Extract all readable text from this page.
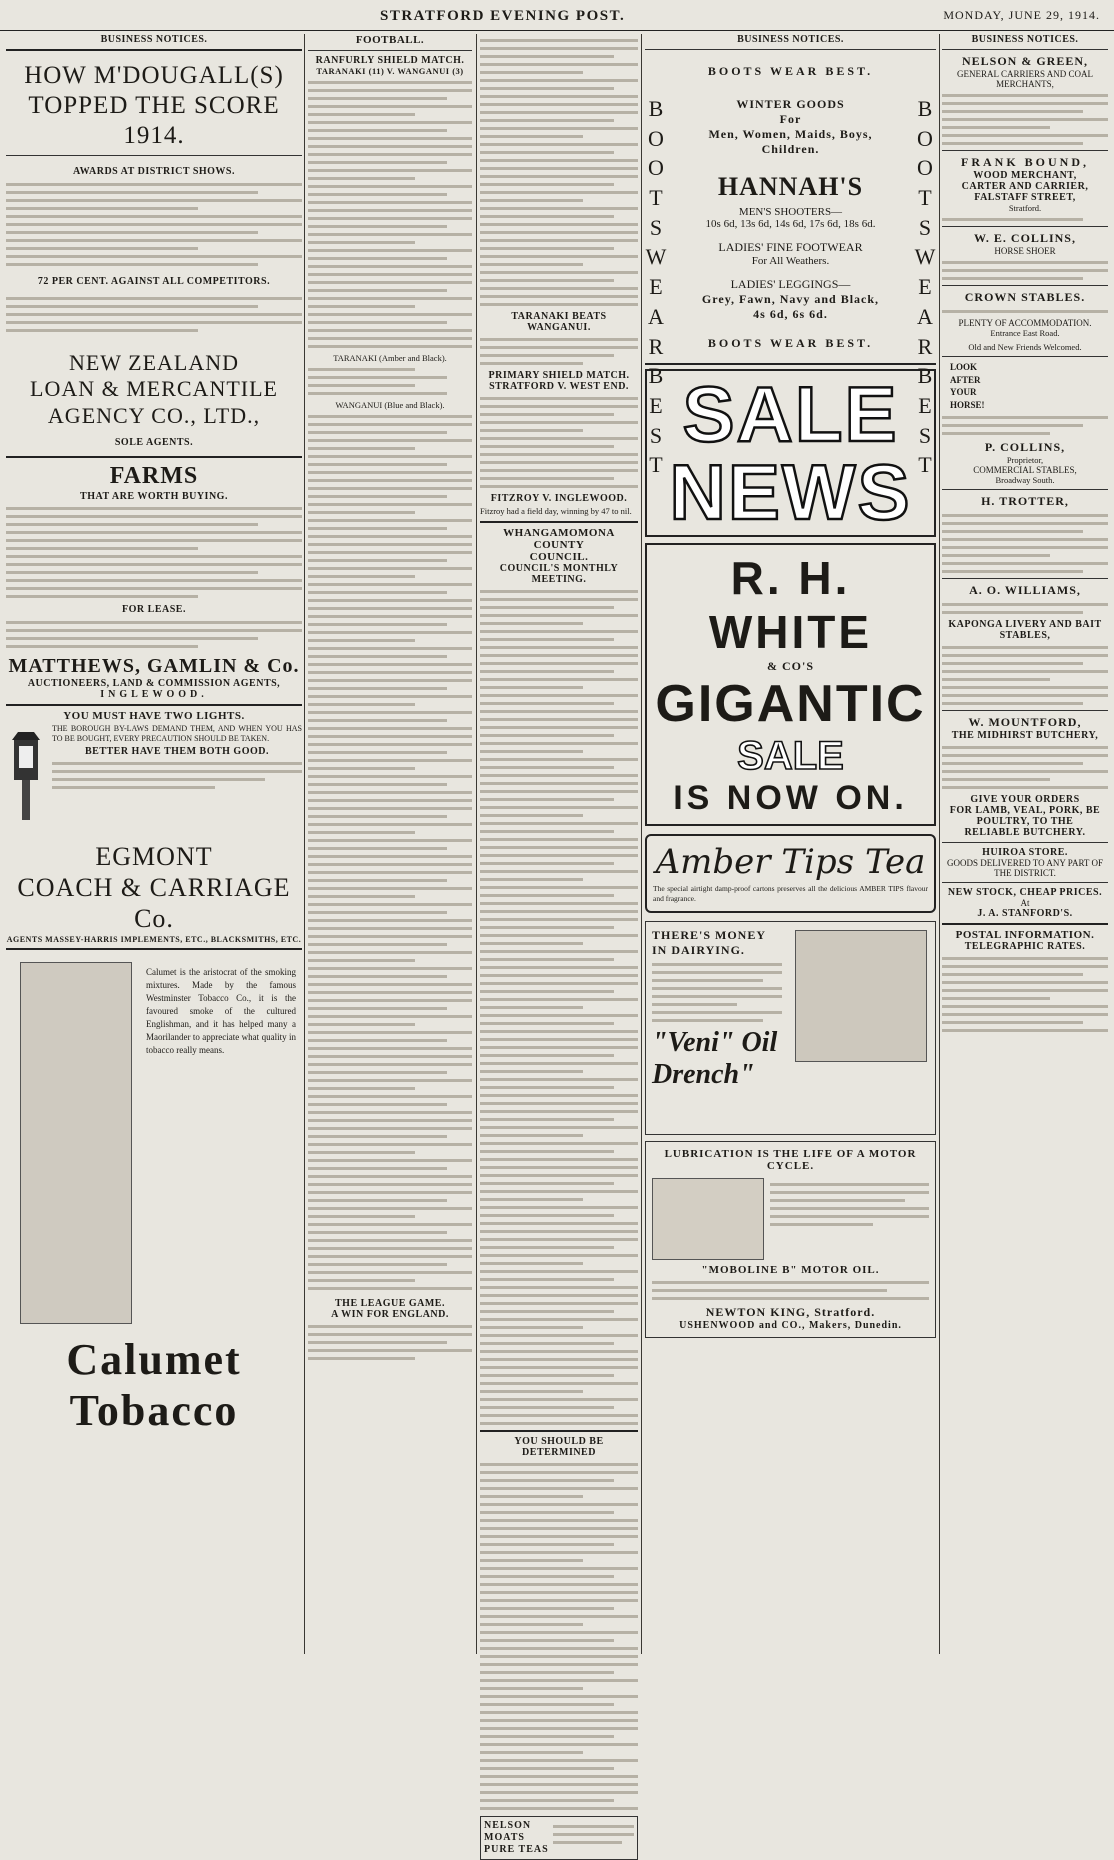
STRATFORD EVENING POST.	MONDAY, JUNE 29, 1914.
BUSINESS NOTICES.
HOW M'DOUGALL(S)
TOPPED THE SCORE 1914.
AWARDS AT DISTRICT SHOWS.
72 PER CENT. AGAINST ALL COMPETITORS.
NEW ZEALAND
LOAN & MERCANTILE
AGENCY CO., LTD.,
SOLE AGENTS.
FARMS
THAT ARE WORTH BUYING.
FOR LEASE.
MATTHEWS, GAMLIN & Co.
AUCTIONEERS, LAND & COMMISSION AGENTS,
INGLEWOOD.
YOU MUST HAVE TWO LIGHTS.

THE BOROUGH BY-LAWS DEMAND THEM, AND WHEN YOU HAS TO BE BOUGHT, EVERY PRECAUTION SHOULD BE TAKEN.

BETTER HAVE THEM BOTH GOOD.
EGMONT
COACH & CARRIAGE Co.
AGENTS MASSEY-HARRIS IMPLEMENTS, ETC., BLACKSMITHS, ETC.

Calumet is the aristocrat of the smoking mixtures. Made by the famous Westminster Tobacco Co., it is the favoured smoke of the cultured Englishman, and it has helped many a Maorilander to appreciate what quality in tobacco really means.

Calumet Tobacco
FOOTBALL.
RANFURLY SHIELD MATCH.
TARANAKI (11) V. WANGANUI (3)
TARANAKI (Amber and Black).
WANGANUI (Blue and Black).
THE LEAGUE GAME.
A WIN FOR ENGLAND.
TARANAKI BEATS WANGANUI.
PRIMARY SHIELD MATCH.
STRATFORD V. WEST END.
FITZROY V. INGLEWOOD.

Fitzroy had a field day, winning by 47 to nil.

WHANGAMOMONA COUNTY
COUNCIL.
COUNCIL'S MONTHLY MEETING.
YOU SHOULD BE DETERMINED
NELSON
MOATS
PURE TEAS
BUSINESS NOTICES.
B
O
O
T
S
W
E
A
R
B
E
S
T
B
O
O
T
S
W
E
A
R
B
E
S
T
BOOTS WEAR BEST.
WINTER GOODS
For
Men, Women, Maids, Boys,
Children.
HANNAH'S
MEN'S SHOOTERS—
10s 6d, 13s 6d, 14s 6d, 17s 6d, 18s 6d.
LADIES' FINE FOOTWEAR
For All Weathers.
LADIES' LEGGINGS—
Grey, Fawn, Navy and Black,
4s 6d, 6s 6d.
BOOTS WEAR BEST.
SALE
NEWS
R. H. WHITE
& CO'S
GIGANTIC
SALE
IS NOW ON.
Amber Tips Tea

The special airtight damp-proof cartons preserves all the delicious AMBER TIPS flavour and fragrance.

THERE'S MONEY IN DAIRYING.
"Veni" Oil Drench"
LUBRICATION IS THE LIFE OF A MOTOR CYCLE.
"MOBOLINE B" MOTOR OIL.
NEWTON KING, Stratford.
USHENWOOD and CO., Makers, Dunedin.
BUSINESS NOTICES.
NELSON & GREEN,
GENERAL CARRIERS AND COAL MERCHANTS,
FRANK BOUND,
WOOD MERCHANT,
CARTER AND CARRIER,
FALSTAFF STREET,
Stratford.
W. E. COLLINS,
HORSE SHOER
CROWN STABLES.
PLENTY OF ACCOMMODATION.
Entrance East Road.
Old and New Friends Welcomed.
LOOK
AFTER
YOUR
HORSE!
P. COLLINS,
Proprietor,
COMMERCIAL STABLES,
Broadway South.
H. TROTTER,
A. O. WILLIAMS,
KAPONGA LIVERY AND BAIT STABLES,
W. MOUNTFORD,
THE MIDHIRST BUTCHERY,
GIVE YOUR ORDERS
FOR LAMB, VEAL, PORK, BE POULTRY, TO THE
RELIABLE BUTCHERY.
HUIROA STORE.
GOODS DELIVERED TO ANY PART OF THE DISTRICT.
NEW STOCK, CHEAP PRICES.
At
J. A. STANFORD'S.
POSTAL INFORMATION.
TELEGRAPHIC RATES.
